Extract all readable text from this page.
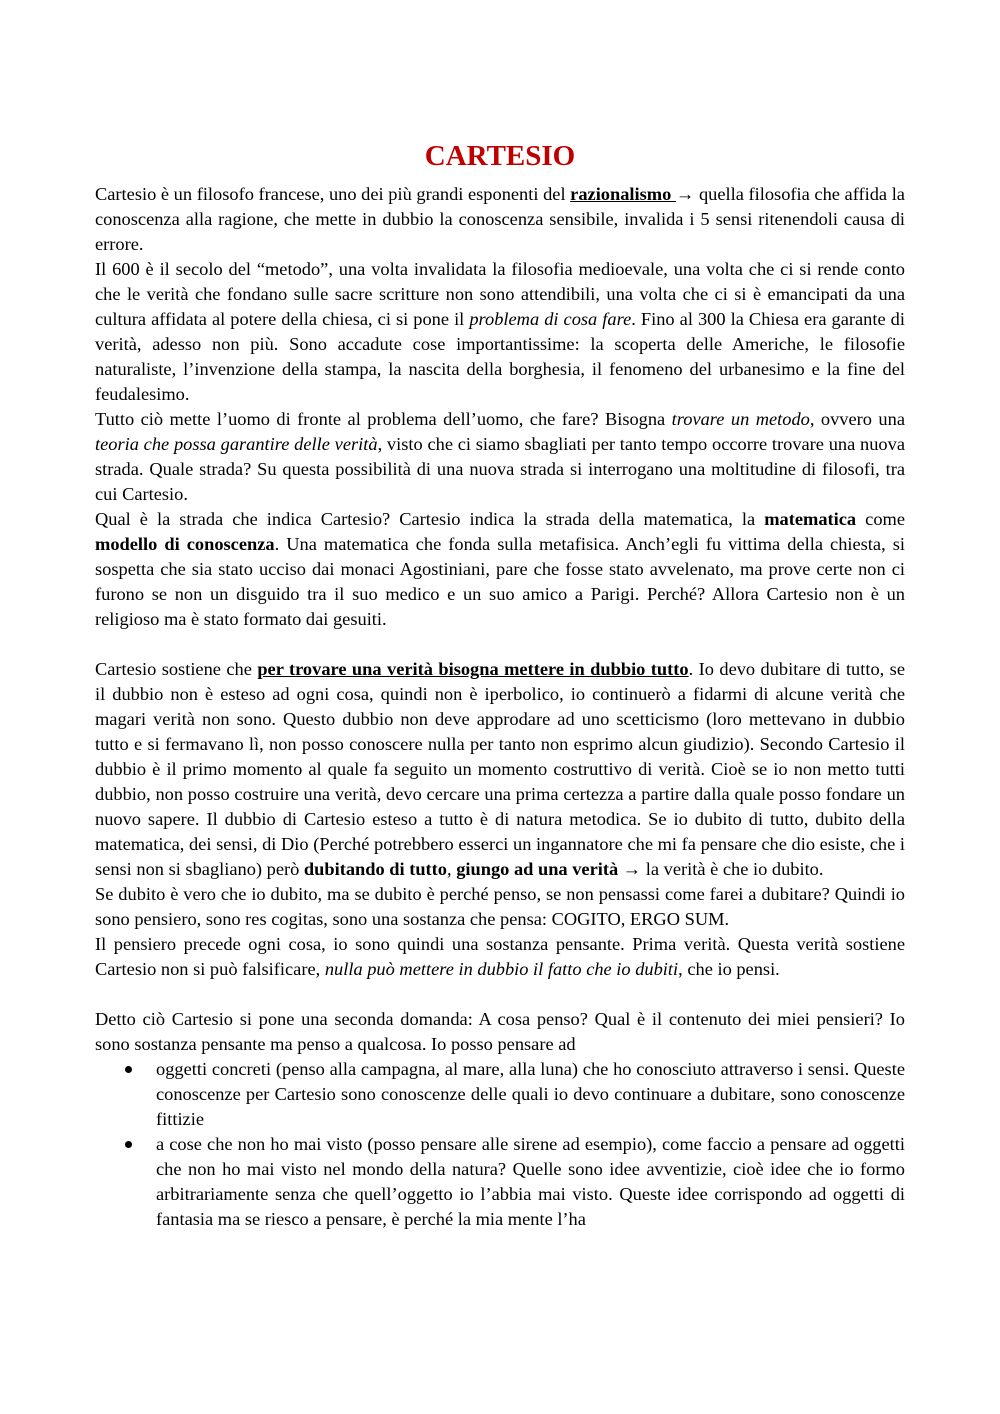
CARTESIO

Cartesio è un filosofo francese, uno dei più grandi esponenti del razionalismo → quella filosofia che affida la conoscenza alla ragione, che mette in dubbio la conoscenza sensibile, invalida i 5 sensi ritenendoli causa di errore.

Il 600 è il secolo del “metodo”, una volta invalidata la filosofia medioevale, una volta che ci si rende conto che le verità che fondano sulle sacre scritture non sono attendibili, una volta che ci si è emancipati da una cultura affidata al potere della chiesa, ci si pone il problema di cosa fare. Fino al 300 la Chiesa era garante di verità, adesso non più. Sono accadute cose importantissime: la scoperta delle Americhe, le filosofie naturaliste, l’invenzione della stampa, la nascita della borghesia, il fenomeno del urbanesimo e la fine del feudalesimo.

Tutto ciò mette l’uomo di fronte al problema dell’uomo, che fare? Bisogna trovare un metodo, ovvero una teoria che possa garantire delle verità, visto che ci siamo sbagliati per tanto tempo occorre trovare una nuova strada. Quale strada? Su questa possibilità di una nuova strada si interrogano una moltitudine di filosofi, tra cui Cartesio.

Qual è la strada che indica Cartesio? Cartesio indica la strada della matematica, la matematica come modello di conoscenza. Una matematica che fonda sulla metafisica. Anch’egli fu vittima della chiesta, si sospetta che sia stato ucciso dai monaci Agostiniani, pare che fosse stato avvelenato, ma prove certe non ci furono se non un disguido tra il suo medico e un suo amico a Parigi. Perché? Allora Cartesio non è un religioso ma è stato formato dai gesuiti.

Cartesio sostiene che per trovare una verità bisogna mettere in dubbio tutto. Io devo dubitare di tutto, se il dubbio non è esteso ad ogni cosa, quindi non è iperbolico, io continuerò a fidarmi di alcune verità che magari verità non sono. Questo dubbio non deve approdare ad uno scetticismo (loro mettevano in dubbio tutto e si fermavano lì, non posso conoscere nulla per tanto non esprimo alcun giudizio). Secondo Cartesio il dubbio è il primo momento al quale fa seguito un momento costruttivo di verità. Cioè se io non metto tutti dubbio, non posso costruire una verità, devo cercare una prima certezza a partire dalla quale posso fondare un nuovo sapere. Il dubbio di Cartesio esteso a tutto è di natura metodica. Se io dubito di tutto, dubito della matematica, dei sensi, di Dio (Perché potrebbero esserci un ingannatore che mi fa pensare che dio esiste, che i sensi non si sbagliano) però dubitando di tutto, giungo ad una verità → la verità è che io dubito.

Se dubito è vero che io dubito, ma se dubito è perché penso, se non pensassi come farei a dubitare? Quindi io sono pensiero, sono res cogitas, sono una sostanza che pensa: COGITO, ERGO SUM.

Il pensiero precede ogni cosa, io sono quindi una sostanza pensante. Prima verità. Questa verità sostiene Cartesio non si può falsificare, nulla può mettere in dubbio il fatto che io dubiti, che io pensi.

Detto ciò Cartesio si pone una seconda domanda: A cosa penso? Qual è il contenuto dei miei pensieri? Io sono sostanza pensante ma penso a qualcosa. Io posso pensare ad

oggetti concreti (penso alla campagna, al mare, alla luna) che ho conosciuto attraverso i sensi. Queste conoscenze per Cartesio sono conoscenze delle quali io devo continuare a dubitare, sono conoscenze fittizie
a cose che non ho mai visto (posso pensare alle sirene ad esempio), come faccio a pensare ad oggetti che non ho mai visto nel mondo della natura? Quelle sono idee avventizie, cioè idee che io formo arbitrariamente senza che quell’oggetto io l’abbia mai visto. Queste idee corrispondo ad oggetti di fantasia ma se riesco a pensare, è perché la mia mente l’ha
